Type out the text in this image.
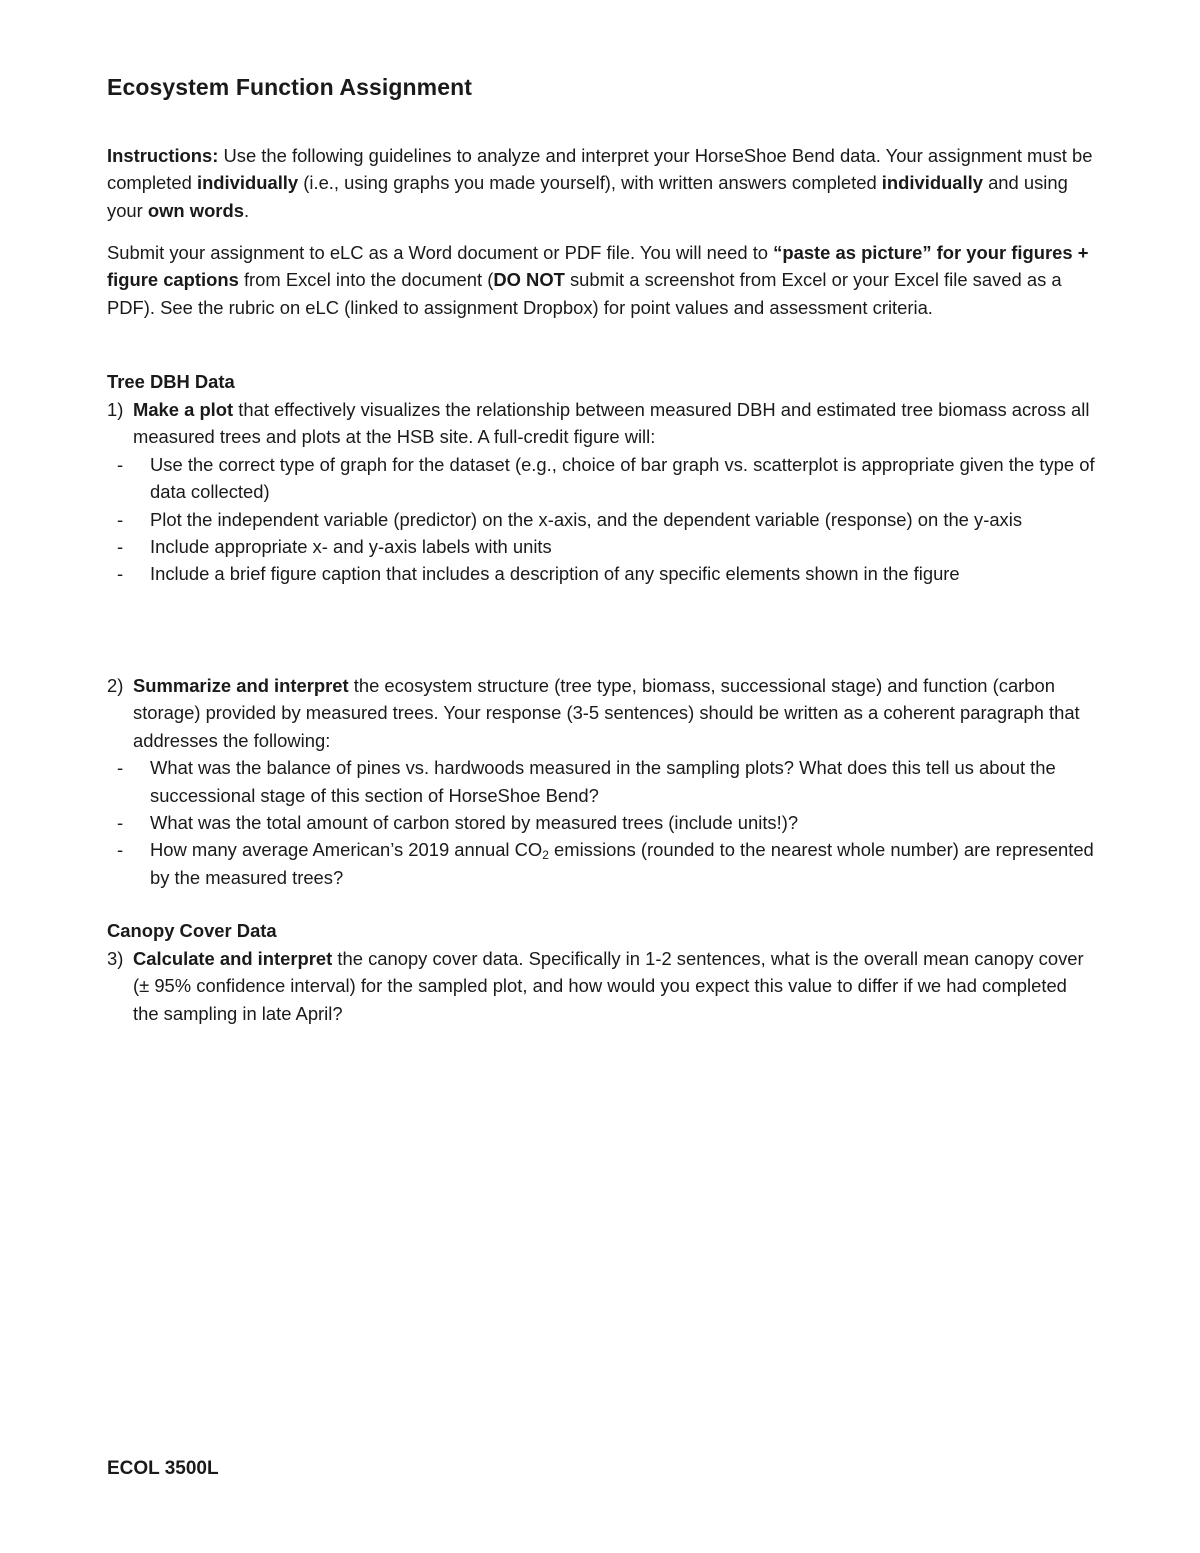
Ecosystem Function Assignment

Instructions: Use the following guidelines to analyze and interpret your HorseShoe Bend data. Your assignment must be completed individually (i.e., using graphs you made yourself), with written answers completed individually and using your own words.

Submit your assignment to eLC as a Word document or PDF file. You will need to “paste as picture” for your figures + figure captions from Excel into the document (DO NOT submit a screenshot from Excel or your Excel file saved as a PDF). See the rubric on eLC (linked to assignment Dropbox) for point values and assessment criteria.

Tree DBH Data
1) Make a plot that effectively visualizes the relationship between measured DBH and estimated tree biomass across all measured trees and plots at the HSB site. A full-credit figure will:
-	Use the correct type of graph for the dataset (e.g., choice of bar graph vs. scatterplot is appropriate given the type of data collected)
-	Plot the independent variable (predictor) on the x-axis, and the dependent variable (response) on the y-axis
-	Include appropriate x- and y-axis labels with units
-	Include a brief figure caption that includes a description of any specific elements shown in the figure
2) Summarize and interpret the ecosystem structure (tree type, biomass, successional stage) and function (carbon storage) provided by measured trees. Your response (3-5 sentences) should be written as a coherent paragraph that addresses the following:
-	What was the balance of pines vs. hardwoods measured in the sampling plots? What does this tell us about the successional stage of this section of HorseShoe Bend?
-	What was the total amount of carbon stored by measured trees (include units!)?
-	How many average American’s 2019 annual $CO_2$ emissions (rounded to the nearest whole number) are represented by the measured trees?
Canopy Cover Data
3) Calculate and interpret the canopy cover data. Specifically in 1-2 sentences, what is the overall mean canopy cover (± 95% confidence interval) for the sampled plot, and how would you expect this value to differ if we had completed the sampling in late April?
ECOL 3500L
